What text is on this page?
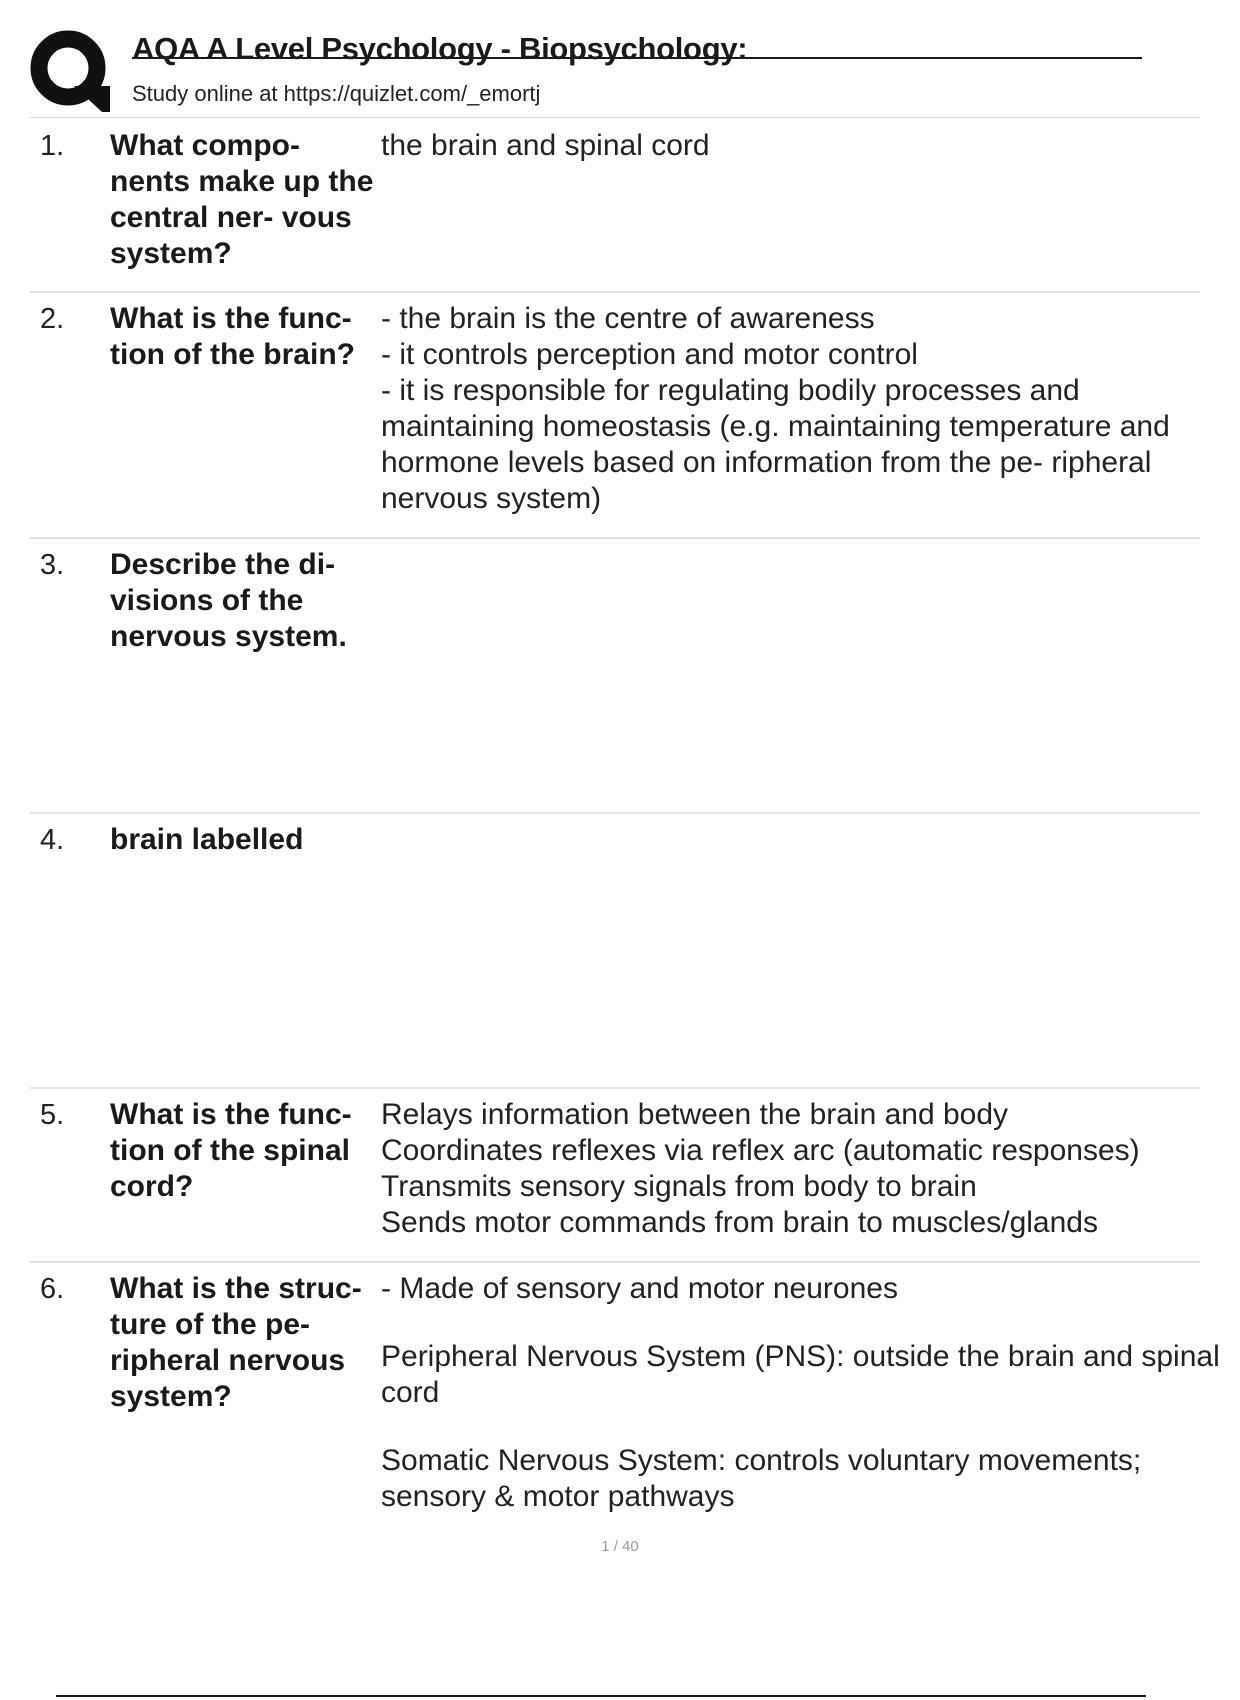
AQA A Level Psychology - Biopsychology:
Study online at https://quizlet.com/_emortj
1. What compo- nents make up the central ner- vous system?
the brain and spinal cord
2. What is the func- tion of the brain?
- the brain is the centre of awareness
- it controls perception and motor control
- it is responsible for regulating bodily processes and maintaining homeostasis (e.g. maintaining temperature and hormone levels based on information from the pe- ripheral nervous system)
3. Describe the di- visions of the nervous system.
4. brain labelled
5. What is the func- tion of the spinal cord?
Relays information between the brain and body
Coordinates reflexes via reflex arc (automatic responses)
Transmits sensory signals from body to brain
Sends motor commands from brain to muscles/glands
6. What is the struc- ture of the pe- ripheral nervous system?
- Made of sensory and motor neurones
Peripheral Nervous System (PNS): outside the brain and spinal cord
Somatic Nervous System: controls voluntary movements; sensory & motor pathways
1 / 40
